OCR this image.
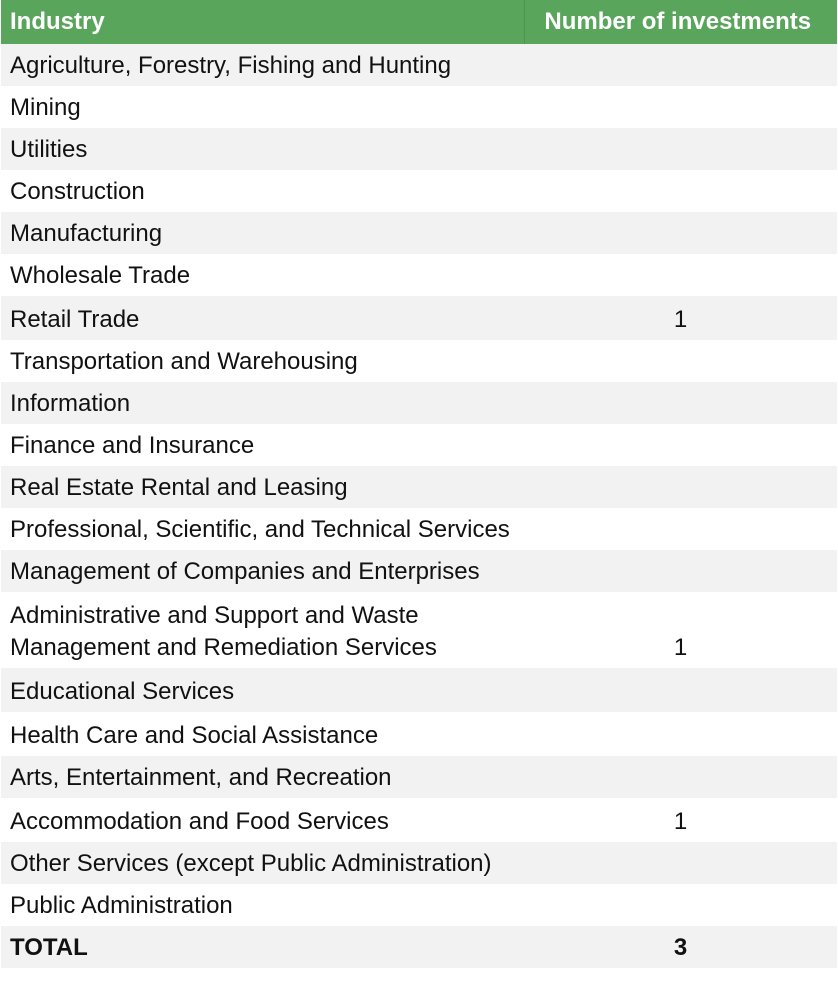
Industry	Number of investments
Agriculture, Forestry, Fishing and Hunting	
Mining	
Utilities	
Construction	
Manufacturing	
Wholesale Trade	
Retail Trade	1
Transportation and Warehousing	
Information	
Finance and Insurance	
Real Estate Rental and Leasing	
Professional, Scientific, and Technical Services	
Management of Companies and Enterprises	
Administrative and Support and Waste Management and Remediation Services	1
Educational Services	
Health Care and Social Assistance	
Arts, Entertainment, and Recreation	
Accommodation and Food Services	1
Other Services (except Public Administration)	
Public Administration	
TOTAL	3
